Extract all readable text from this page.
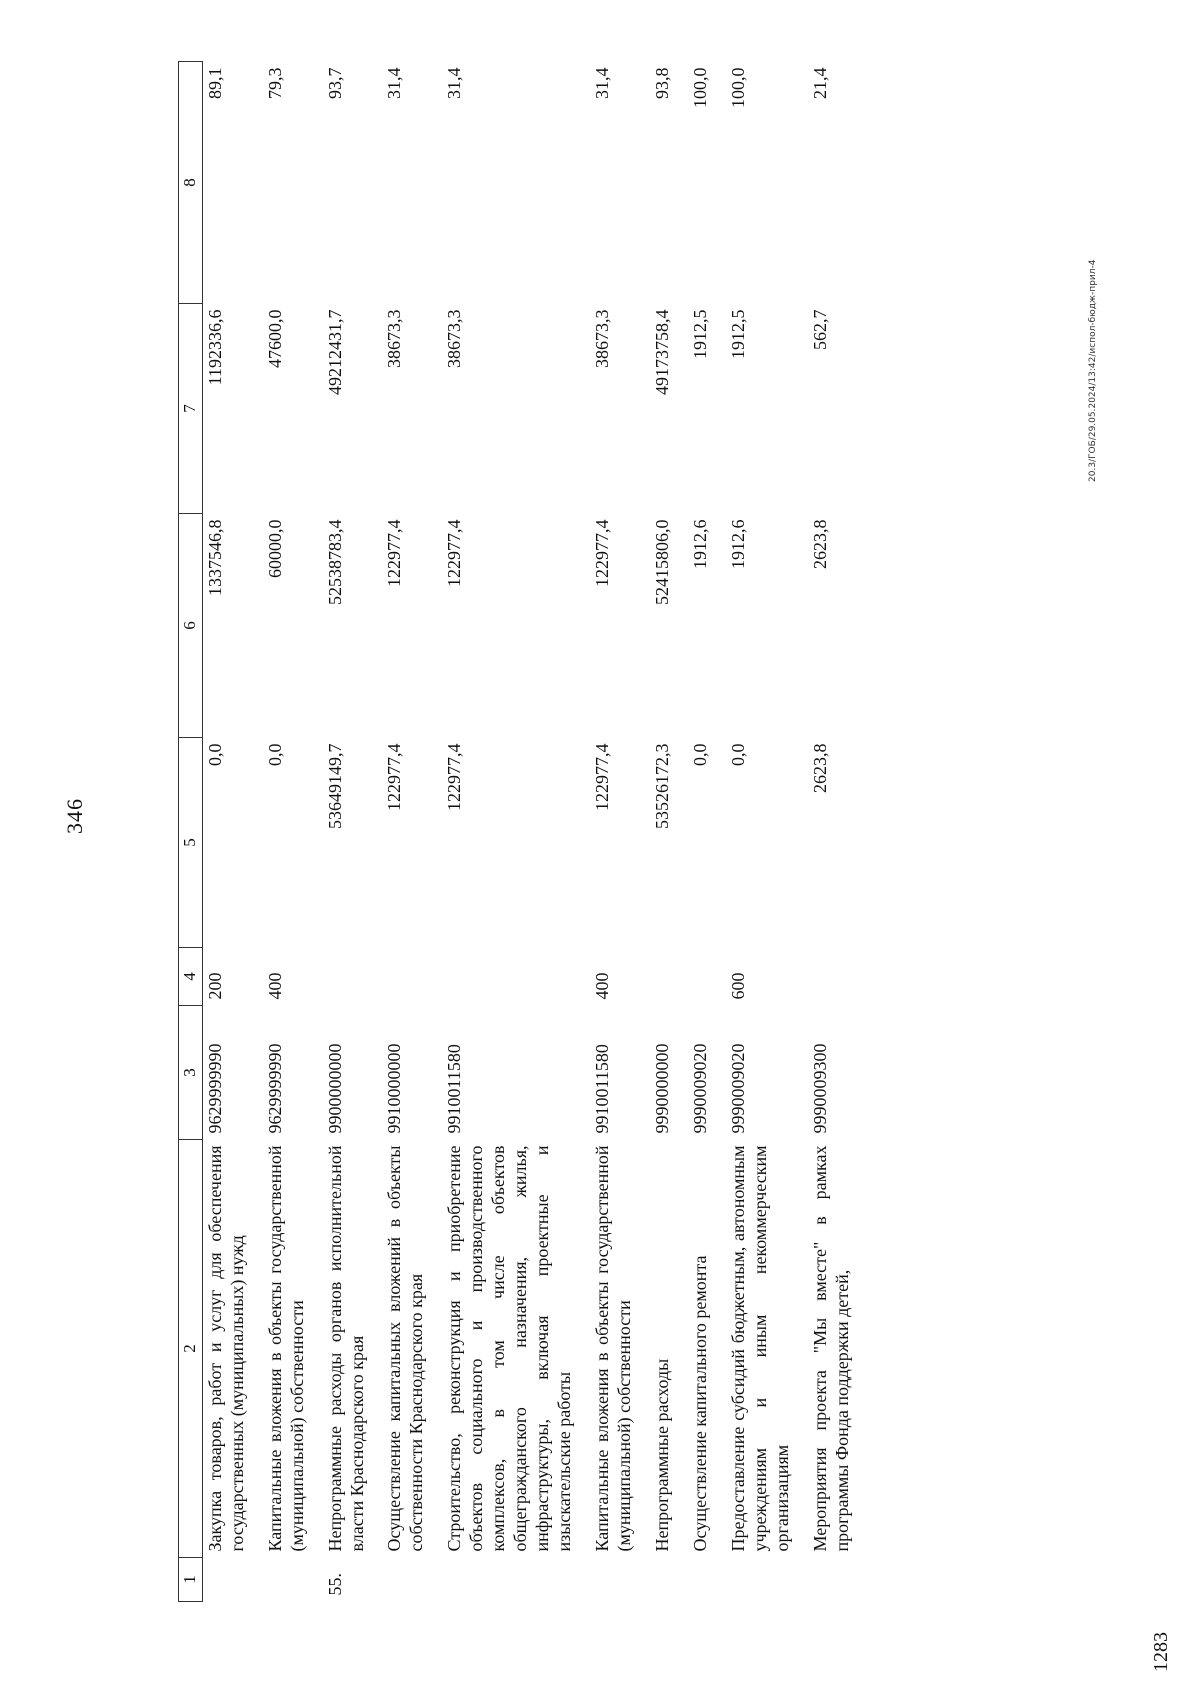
346
1	2	3	4	5	6	7	8
	Закупка товаров, работ и услуг для обеспечения государственных (муниципальных) нужд	9629999990	200	0,0	1337546,8	1192336,6	89,1
	Капитальные вложения в объекты государственной (муниципальной) собственности	9629999990	400	0,0	60000,0	47600,0	79,3
55.	Непрограммные расходы органов исполнительной власти Краснодарского края	9900000000		53649149,7	52538783,4	49212431,7	93,7
	Осуществление капитальных вложений в объекты собственности Краснодарского края	9910000000		122977,4	122977,4	38673,3	31,4
	Строительство, реконструкция и приобретение объектов социального и производственного комплексов, в том числе объектов общегражданского назначения, жилья, инфраструктуры, включая проектные и изыскательские работы	9910011580		122977,4	122977,4	38673,3	31,4
	Капитальные вложения в объекты государственной (муниципальной) собственности	9910011580	400	122977,4	122977,4	38673,3	31,4
	Непрограммные расходы	9990000000		53526172,3	52415806,0	49173758,4	93,8
	Осуществление капитального ремонта	9990009020		0,0	1912,6	1912,5	100,0
	Предоставление субсидий бюджетным, автономным учреждениям и иным некоммерческим организациям	9990009020	600	0,0	1912,6	1912,5	100,0
	Мероприятия проекта "Мы вместе" в рамках программы Фонда поддержки детей,	9990009300		2623,8	2623,8	562,7	21,4
20.3/ГОБ/29.05.2024/13:42/испол-бюдж-прил-4
1283
